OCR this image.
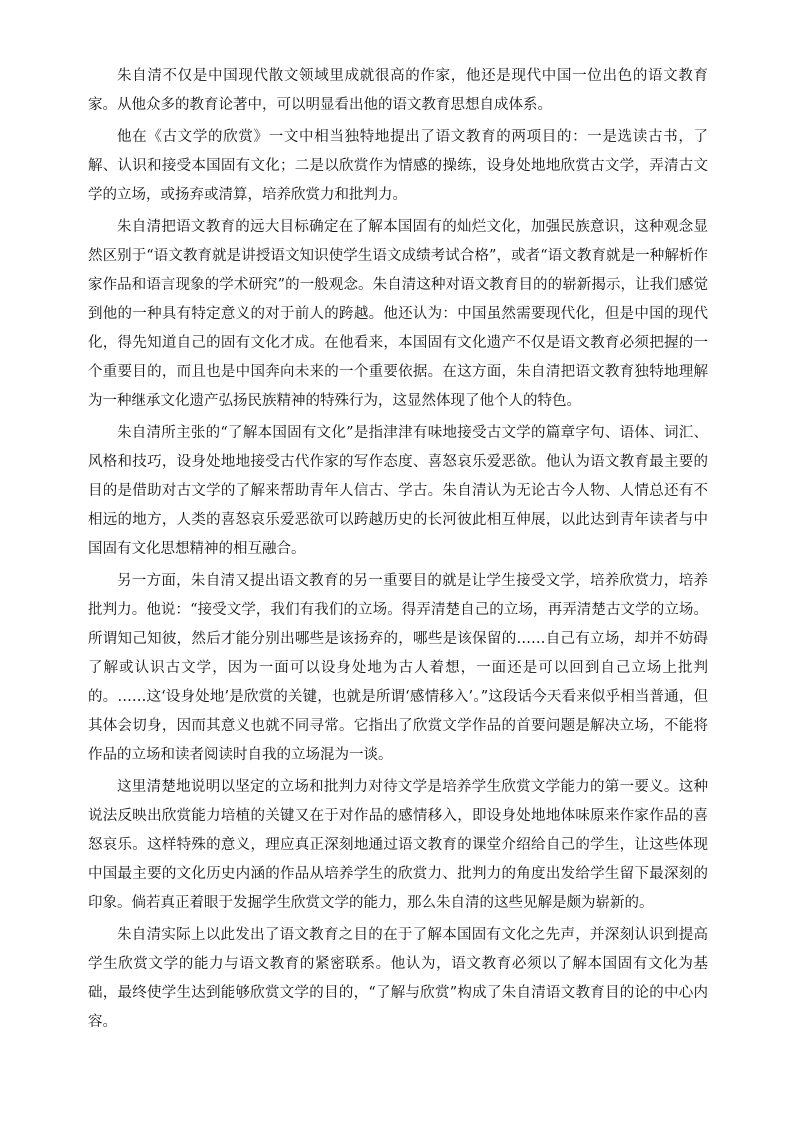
朱自清不仅是中国现代散文领域里成就很高的作家，他还是现代中国一位出色的语文教育家。从他众多的教育论著中，可以明显看出他的语文教育思想自成体系。

他在《古文学的欣赏》一文中相当独特地提出了语文教育的两项目的：一是选读古书，了解、认识和接受本国固有文化；二是以欣赏作为情感的操练，设身处地地欣赏古文学，弄清古文学的立场，或扬弃或清算，培养欣赏力和批判力。

朱自清把语文教育的远大目标确定在了解本国固有的灿烂文化，加强民族意识，这种观念显然区别于“语文教育就是讲授语文知识使学生语文成绩考试合格”，或者“语文教育就是一种解析作家作品和语言现象的学术研究”的一般观念。朱自清这种对语文教育目的的崭新揭示，让我们感觉到他的一种具有特定意义的对于前人的跨越。他还认为：中国虽然需要现代化，但是中国的现代化，得先知道自己的固有文化才成。在他看来，本国固有文化遗产不仅是语文教育必须把握的一个重要目的，而且也是中国奔向未来的一个重要依据。在这方面，朱自清把语文教育独特地理解为一种继承文化遗产弘扬民族精神的特殊行为，这显然体现了他个人的特色。

朱自清所主张的“了解本国固有文化”是指津津有味地接受古文学的篇章字句、语体、词汇、风格和技巧，设身处地地接受古代作家的写作态度、喜怒哀乐爱恶欲。他认为语文教育最主要的目的是借助对古文学的了解来帮助青年人信古、学古。朱自清认为无论古今人物、人情总还有不相远的地方，人类的喜怒哀乐爱恶欲可以跨越历史的长河彼此相互伸展，以此达到青年读者与中国固有文化思想精神的相互融合。

另一方面，朱自清又提出语文教育的另一重要目的就是让学生接受文学，培养欣赏力，培养批判力。他说：“接受文学，我们有我们的立场。得弄清楚自己的立场，再弄清楚古文学的立场。所谓知己知彼，然后才能分别出哪些是该扬弃的，哪些是该保留的……自己有立场，却并不妨碍了解或认识古文学，因为一面可以设身处地为古人着想，一面还是可以回到自己立场上批判的。……这‘设身处地’是欣赏的关键，也就是所谓‘感情移入’。”这段话今天看来似乎相当普通，但其体会切身，因而其意义也就不同寻常。它指出了欣赏文学作品的首要问题是解决立场，不能将作品的立场和读者阅读时自我的立场混为一谈。

这里清楚地说明以坚定的立场和批判力对待文学是培养学生欣赏文学能力的第一要义。这种说法反映出欣赏能力培植的关键又在于对作品的感情移入，即设身处地地体味原来作家作品的喜怒哀乐。这样特殊的意义，理应真正深刻地通过语文教育的课堂介绍给自己的学生，让这些体现中国最主要的文化历史内涵的作品从培养学生的欣赏力、批判力的角度出发给学生留下最深刻的印象。倘若真正着眼于发掘学生欣赏文学的能力，那么朱自清的这些见解是颇为崭新的。

朱自清实际上以此发出了语文教育之目的在于了解本国固有文化之先声，并深刻认识到提高学生欣赏文学的能力与语文教育的紧密联系。他认为，语文教育必须以了解本国固有文化为基础，最终使学生达到能够欣赏文学的目的，“了解与欣赏”构成了朱自清语文教育目的论的中心内容。
